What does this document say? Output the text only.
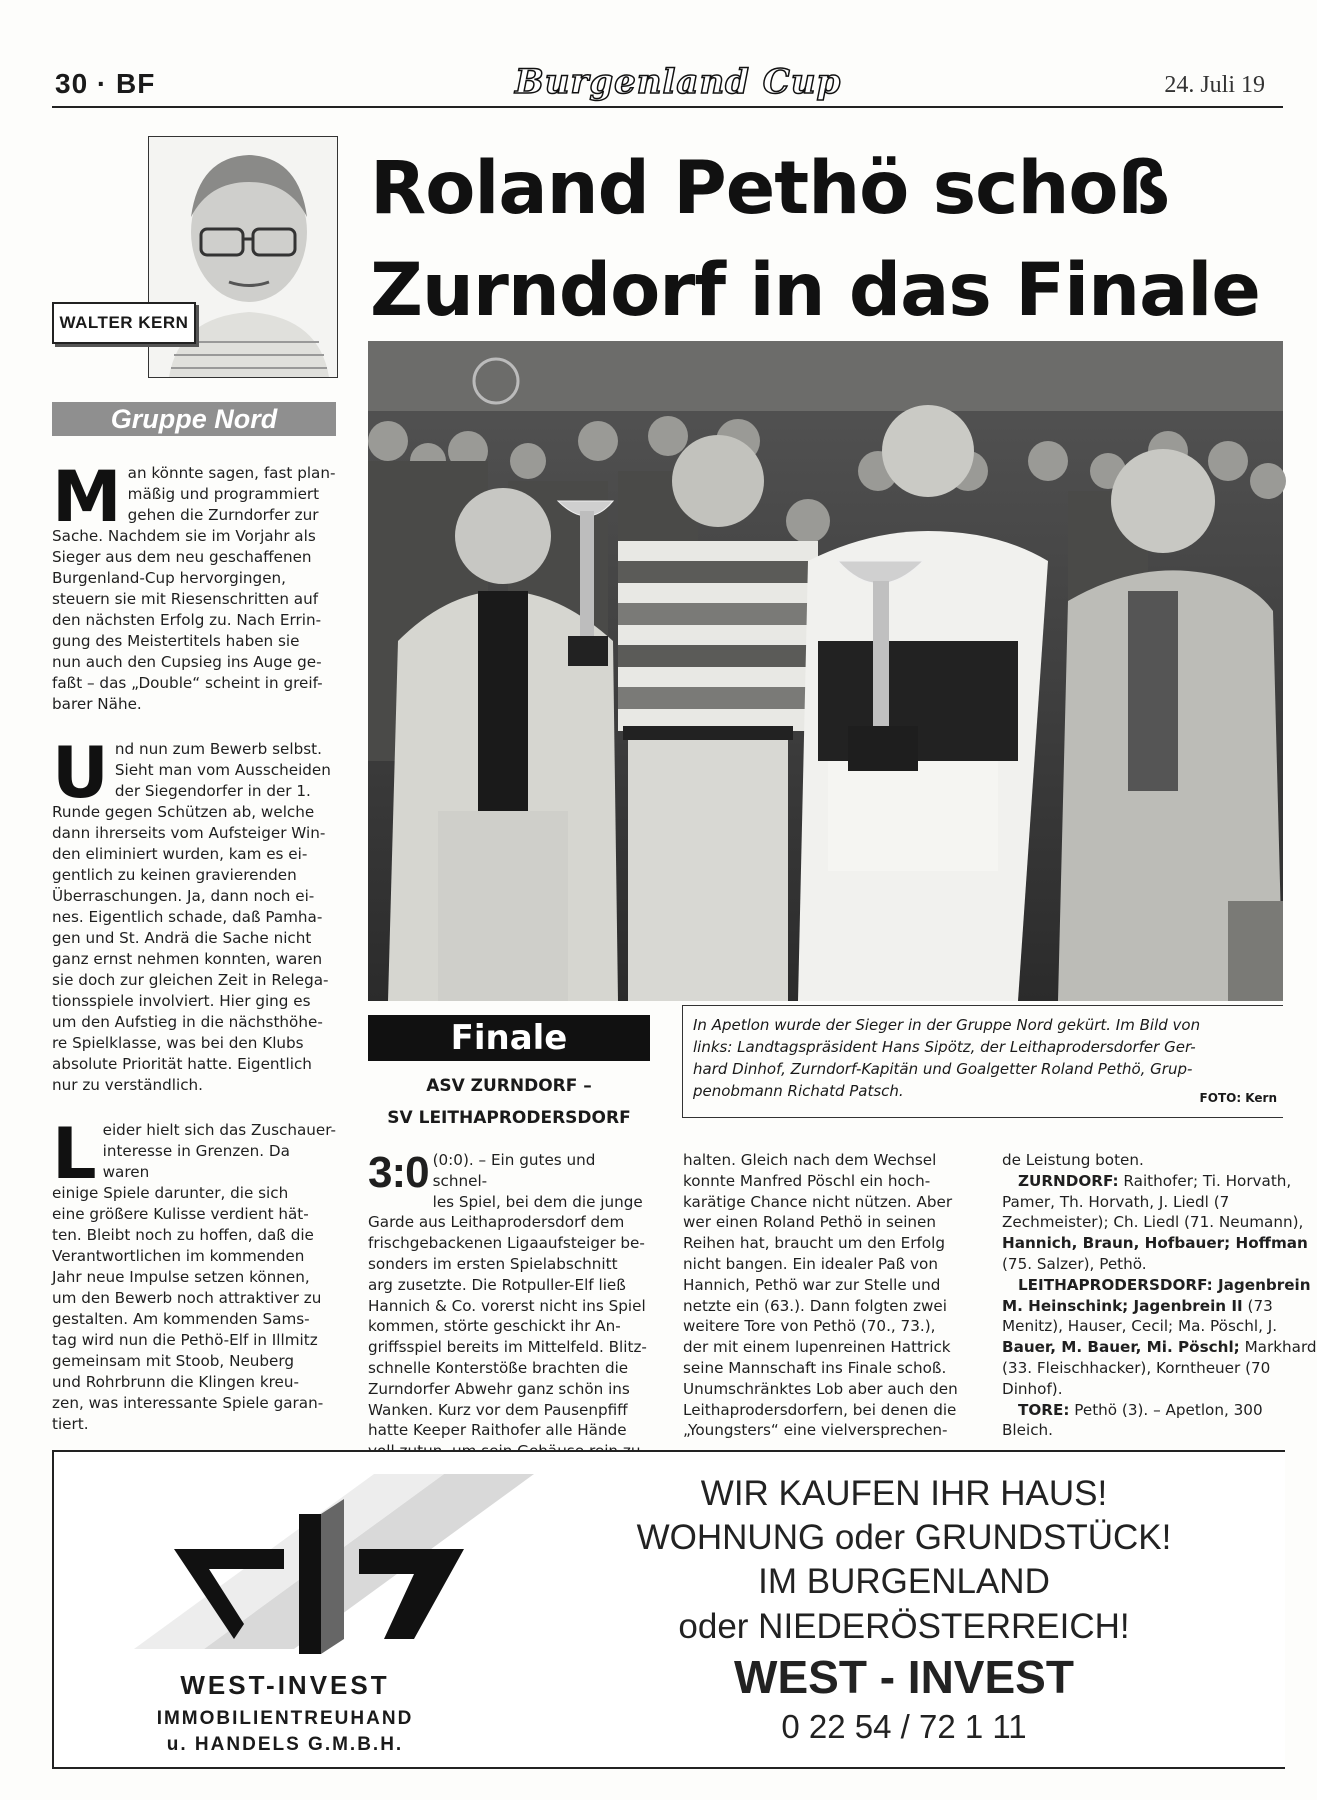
30 · BF	Burgenland Cup	24. Juli 19
WALTER KERN
Gruppe Nord

M an könnte sagen, fast plan-
mäßig und programmiert
gehen die Zurndorfer zur
Sache. Nachdem sie im Vorjahr als
Sieger aus dem neu geschaffenen
Burgenland-Cup hervorgingen,
steuern sie mit Riesenschritten auf
den nächsten Erfolg zu. Nach Errin-
gung des Meistertitels haben sie
nun auch den Cupsieg ins Auge ge-
faßt – das „Double“ scheint in greif-
barer Nähe.

U nd nun zum Bewerb selbst.
Sieht man vom Ausscheiden
der Siegendorfer in der 1.
Runde gegen Schützen ab, welche
dann ihrerseits vom Aufsteiger Win-
den eliminiert wurden, kam es ei-
gentlich zu keinen gravierenden
Überraschungen. Ja, dann noch ei-
nes. Eigentlich schade, daß Pamha-
gen und St. Andrä die Sache nicht
ganz ernst nehmen konnten, waren
sie doch zur gleichen Zeit in Relega-
tionsspiele involviert. Hier ging es
um den Aufstieg in die nächsthöhe-
re Spielklasse, was bei den Klubs
absolute Priorität hatte. Eigentlich
nur zu verständlich.

L eider hielt sich das Zuschauer-
interesse in Grenzen. Da waren
einige Spiele darunter, die sich
eine größere Kulisse verdient hät-
ten. Bleibt noch zu hoffen, daß die
Verantwortlichen im kommenden
Jahr neue Impulse setzen können,
um den Bewerb noch attraktiver zu
gestalten. Am kommenden Sams-
tag wird nun die Pethö-Elf in Illmitz
gemeinsam mit Stoob, Neuberg
und Rohrbrunn die Klingen kreu-
zen, was interessante Spiele garan-
tiert.

Roland Pethö schoß
Zurndorf in das Finale
Finale
ASV ZURNDORF –
SV LEITHAPRODERSDORF
In Apetlon wurde der Sieger in der Gruppe Nord gekürt. Im Bild von
links: Landtagspräsident Hans Sipötz, der Leithaprodersdorfer Ger-
hard Dinhof, Zurndorf-Kapitän und Goalgetter Roland Pethö, Grup-
penobmann Richatd Patsch.	FOTO: Kern
3:0 (0:0). – Ein gutes und schnel-
les Spiel, bei dem die junge
Garde aus Leithaprodersdorf dem
frischgebackenen Ligaaufsteiger be-
sonders im ersten Spielabschnitt
arg zusetzte. Die Rotpuller-Elf ließ
Hannich & Co. vorerst nicht ins Spiel
kommen, störte geschickt ihr An-
griffsspiel bereits im Mittelfeld. Blitz-
schnelle Konterstöße brachten die
Zurndorfer Abwehr ganz schön ins
Wanken. Kurz vor dem Pausenpfiff
hatte Keeper Raithofer alle Hände

halten. Gleich nach dem Wechsel
konnte Manfred Pöschl ein hoch-
karätige Chance nicht nützen. Aber
wer einen Roland Pethö in seinen
Reihen hat, braucht um den Erfolg
nicht bangen. Ein idealer Paß von
Hannich, Pethö war zur Stelle und
netzte ein (63.). Dann folgten zwei
weitere Tore von Pethö (70., 73.),
der mit einem lupenreinen Hattrick
seine Mannschaft ins Finale schoß.
Unumschränktes Lob aber auch den
Leithaprodersdorfern, bei denen die
„Youngsters“ eine vielversprechen-
de Leistung boten.
ZURNDORF: Raithofer; Ti. Horvath,
Pamer, Th. Horvath, J. Liedl (7
Zechmeister); Ch. Liedl (71. Neumann),
Hannich, Braun, Hofbauer; Hoffman
(75. Salzer), Pethö.
LEITHAPRODERSDORF: Jagenbrein
M. Heinschink; Jagenbrein II (73
Menitz), Hauser, Cecil; Ma. Pöschl, J.
Bauer, M. Bauer, Mi. Pöschl; Markhard
(33. Fleischhacker), Korntheuer (70
Dinhof).
TORE: Pethö (3). – Apetlon, 300
Bleich.
WEST-INVEST
IMMOBILIENTREUHAND
u. HANDELS G.M.B.H.
WIR KAUFEN IHR HAUS!
WOHNUNG oder GRUNDSTÜCK!
IM BURGENLAND
oder NIEDERÖSTERREICH!
WEST - INVEST
0 22 54 / 72 1 11
